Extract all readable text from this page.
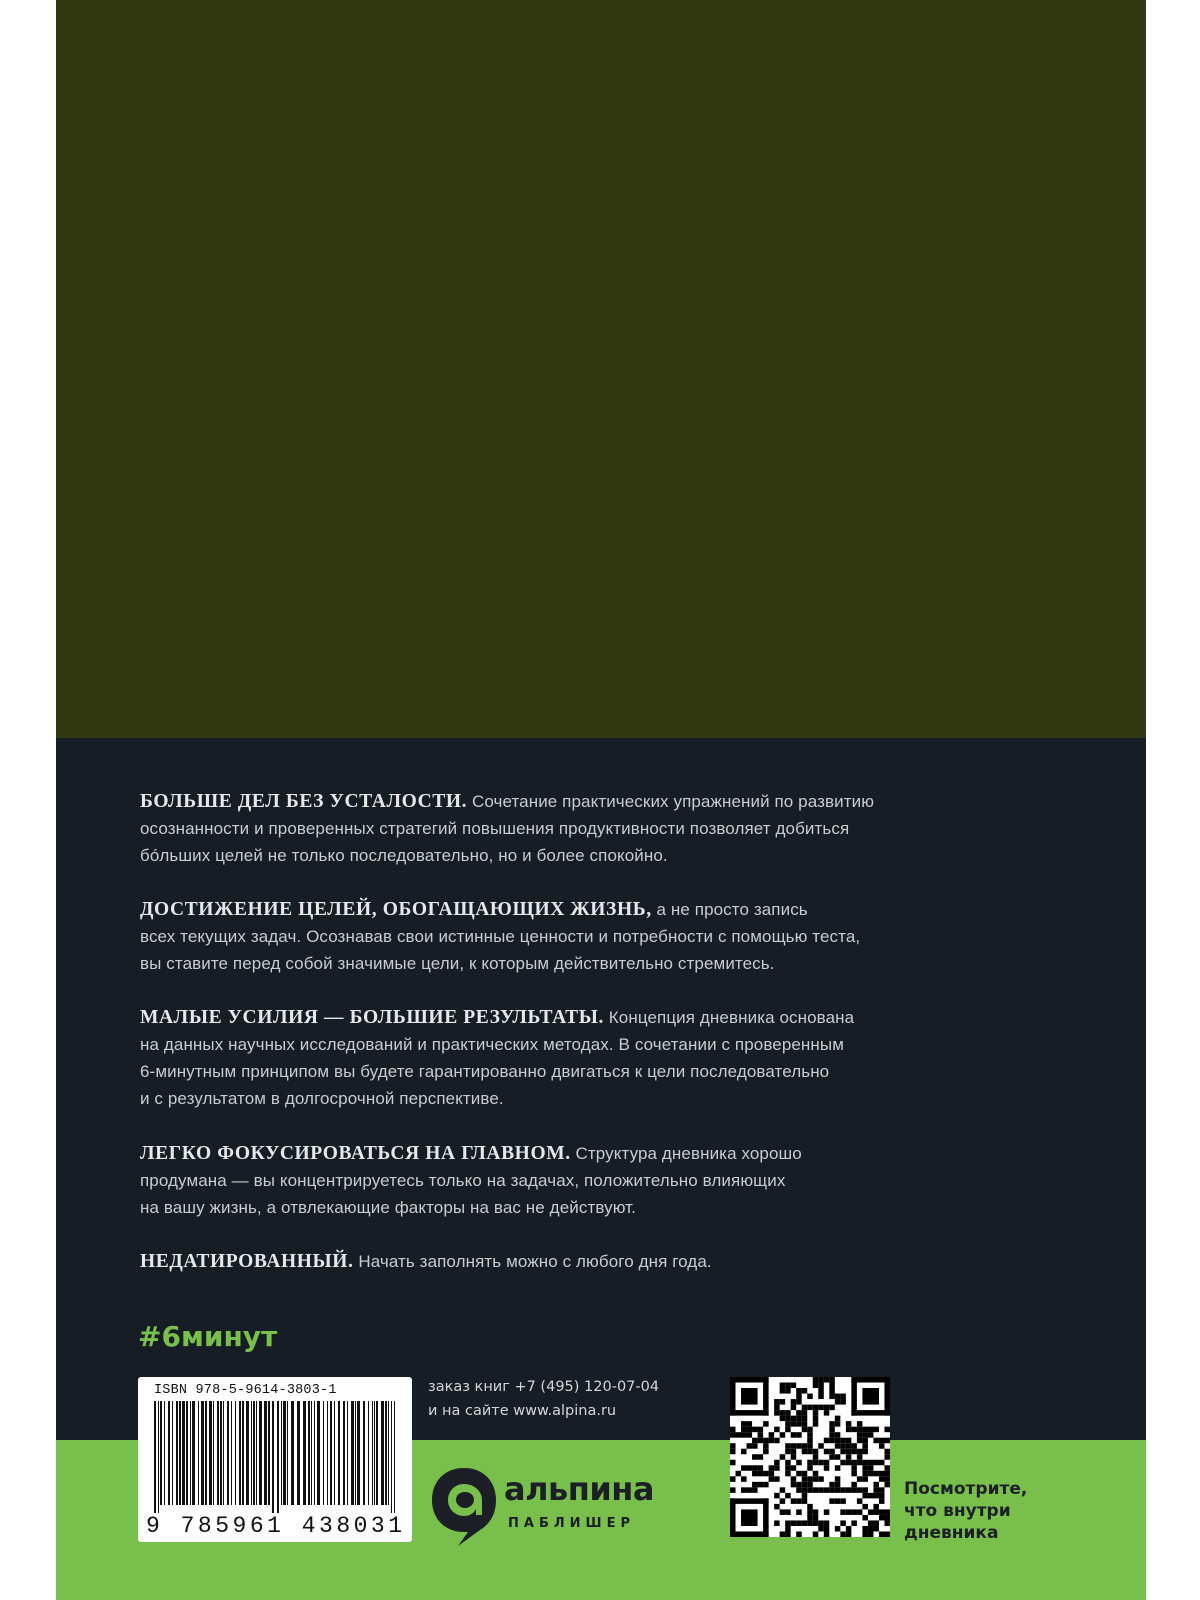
БОЛЬШЕ ДЕЛ БЕЗ УСТАЛОСТИ. Сочетание практических упражнений по развитию
осознанности и проверенных стратегий повышения продуктивности позволяет добиться
бóльших целей не только последовательно, но и более спокойно.
ДОСТИЖЕНИЕ ЦЕЛЕЙ, ОБОГАЩАЮЩИХ ЖИЗНЬ, а не просто запись
всех текущих задач. Осознавав свои истинные ценности и потребности с помощью теста,
вы ставите перед собой значимые цели, к которым действительно стремитесь.
МАЛЫЕ УСИЛИЯ — БОЛЬШИЕ РЕЗУЛЬТАТЫ. Концепция дневника основана
на данных научных исследований и практических методах. В сочетании с проверенным
6-минутным принципом вы будете гарантированно двигаться к цели последовательно
и с результатом в долгосрочной перспективе.
ЛЕГКО ФОКУСИРОВАТЬСЯ НА ГЛАВНОМ. Структура дневника хорошо
продумана — вы концентрируетесь только на задачах, положительно влияющих
на вашу жизнь, а отвлекающие факторы на вас не действуют.
НЕДАТИРОВАННЫЙ. Начать заполнять можно с любого дня года.
#6минут
ISBN 978-5-9614-3803-1
9 785961 438031
заказ книг +7 (495) 120-07-04
и на сайте www.alpina.ru
альпина
ПАБЛИШЕР
Посмотрите,
что внутри
дневника
